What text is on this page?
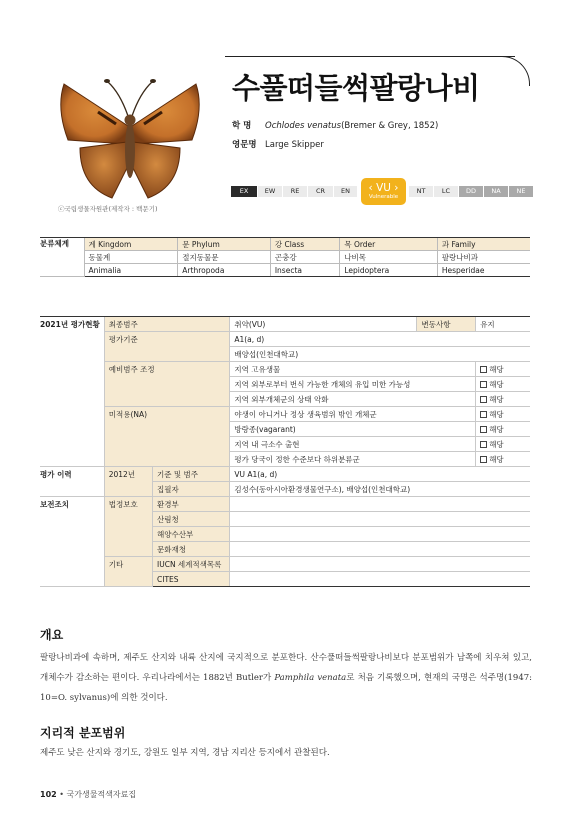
ⓒ국립생물자원관(제작자 : 백문기)
수풀떠들썩팔랑나비
학 명	Ochlodes venatus (Bremer & Grey, 1852)
영문명 Large Skipper
EX	EW	RE	CR	EN	‹ VU ›
Vulnerable
NT	LC	DD	NA	NE
분류체계	계 Kingdom	문 Phylum	강 Class	목 Order	과 Family
	동물계	절지동물문	곤충강	나비목	팔랑나비과
	Animalia	Arthropoda	Insecta	Lepidoptera	Hesperidae
2021년 평가현황	최종범주		취약(VU)	변동사항	유지
	평가기준		A1(a, d)		
			배양섭(인천대학교)		
	예비범주 조정		지역 고유생물		해당
			지역 외부로부터 번식 가능한 개체의 유입 미한 가능성		해당
			지역 외부개체군의 상태 악화		해당
	미적용(NA)		야생이 아니거나 정상 생육범위 밖인 개체군		해당
			방랑종(vagarant)		해당
			지역 내 극소수 출현		해당
			평가 당국이 정한 수준보다 하위분류군		해당
평가 이력	2012년	기준 및 범주	VU A1(a, d)		
		집필자	김성수(동아시아환경생물연구소), 배양섭(인천대학교)		
보전조치	법정보호	환경부			
		산림청			
		해양수산부			
		문화재청			
	기타	IUCN 세계적색목록			
		CITES			
개요
팔랑나비과에 속하며, 제주도 산지와 내륙 산지에 국지적으로 분포한다. 산수풀떠들썩팔랑나비보다 분포범위가 남쪽에 치우쳐 있고, 개체수가 감소하는 편이다. 우리나라에서는 1882년 Butler가 Pamphila venata로 처음 기록했으며, 현재의 국명은 석주명(1947: 10=O. sylvanus)에 의한 것이다.
지리적 분포범위
제주도 낮은 산지와 경기도, 강원도 일부 지역, 경남 지리산 등지에서 관찰된다.
102 • 국가생물적색자료집
